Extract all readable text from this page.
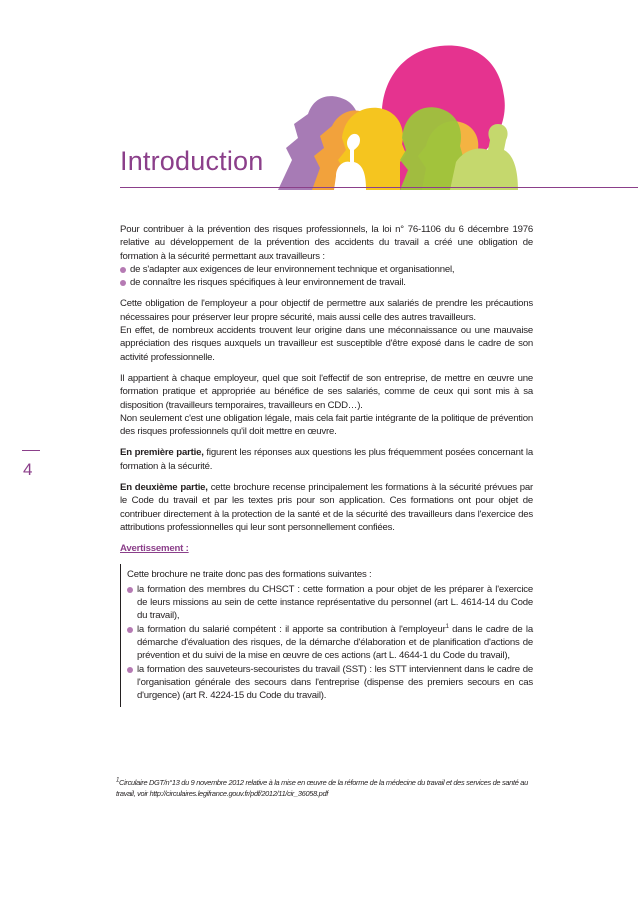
Introduction
4

Pour contribuer à la prévention des risques professionnels, la loi n° 76-1106 du 6 décembre 1976 relative au développement de la prévention des accidents du travail a créé une obligation de formation à la sécurité permettant aux travailleurs :

de s'adapter aux exigences de leur environnement technique et organisationnel,
de connaître les risques spécifiques à leur environnement de travail.

Cette obligation de l'employeur a pour objectif de permettre aux salariés de prendre les précautions nécessaires pour préserver leur propre sécurité, mais aussi celle des autres travailleurs.

En effet, de nombreux accidents trouvent leur origine dans une méconnaissance ou une mauvaise appréciation des risques auxquels un travailleur est susceptible d'être exposé dans le cadre de son activité professionnelle.

Il appartient à chaque employeur, quel que soit l'effectif de son entreprise, de mettre en œuvre une formation pratique et appropriée au bénéfice de ses salariés, comme de ceux qui sont mis à sa disposition (travailleurs temporaires, travailleurs en CDD…).

Non seulement c'est une obligation légale, mais cela fait partie intégrante de la politique de prévention des risques professionnels qu'il doit mettre en œuvre.

En première partie, figurent les réponses aux questions les plus fréquemment posées concernant la formation à la sécurité.

En deuxième partie, cette brochure recense principalement les formations à la sécurité prévues par le Code du travail et par les textes pris pour son application. Ces formations ont pour objet de contribuer directement à la protection de la santé et de la sécurité des travailleurs dans l'exercice des attributions professionnelles qui leur sont personnellement confiées.

Avertissement :

Cette brochure ne traite donc pas des formations suivantes :

la formation des membres du CHSCT : cette formation a pour objet de les préparer à l'exercice de leurs missions au sein de cette instance représentative du personnel (art L. 4614-14 du Code du travail),
la formation du salarié compétent : il apporte sa contribution à l'employeur$^1$ dans le cadre de la démarche d'évaluation des risques, de la démarche d'élaboration et de planification d'actions de prévention et du suivi de la mise en œuvre de ces actions (art L. 4644-1 du Code du travail),
la formation des sauveteurs-secouristes du travail (SST) : les STT interviennent dans le cadre de l'organisation générale des secours dans l'entreprise (dispense des premiers secours en cas d'urgence) (art R. 4224-15 du Code du travail).
$^1$Circulaire DGT/n°13 du 9 novembre 2012 relative à la mise en œuvre de la réforme de la médecine du travail et des services de santé au travail, voir http://circulaires.legifrance.gouv.fr/pdf/2012/11/cir_36058.pdf
